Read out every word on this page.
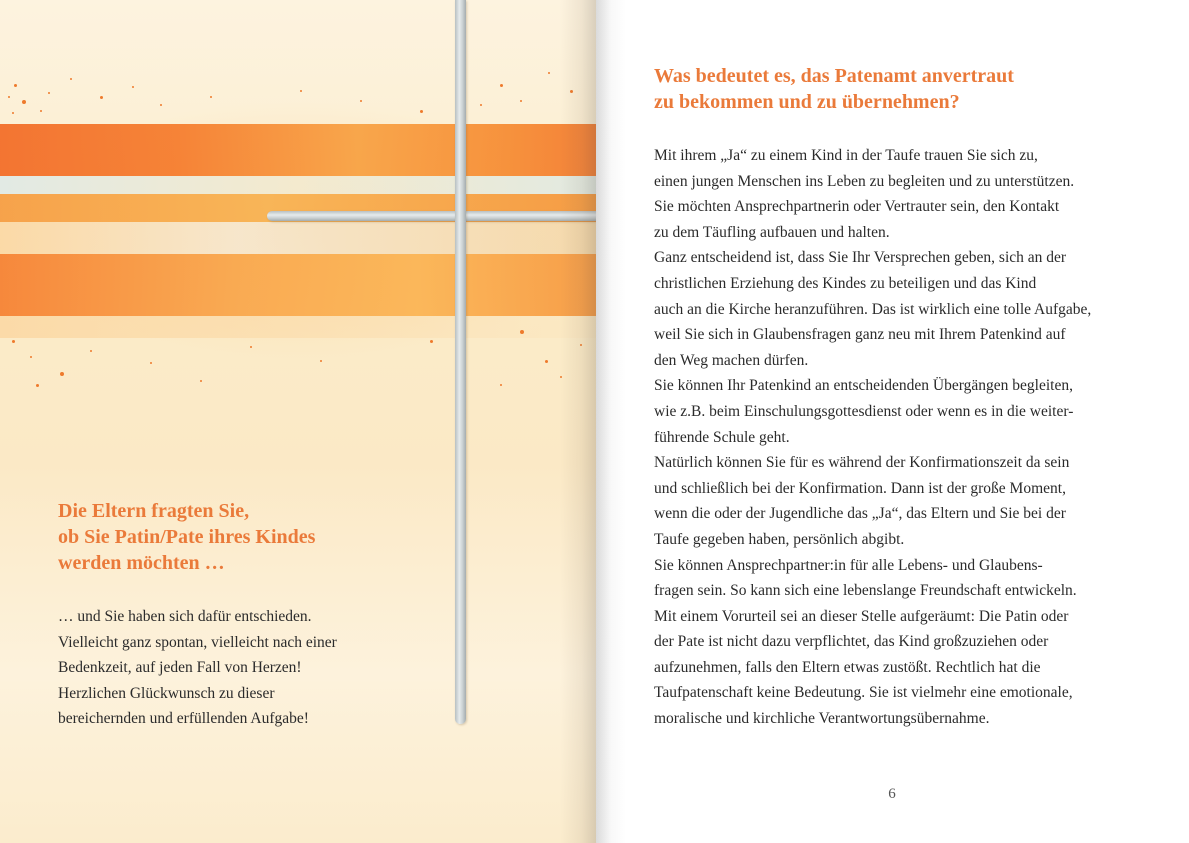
Die Eltern fragten Sie,
ob Sie Patin/Pate ihres Kindes
werden möchten …
… und Sie haben sich dafür entschieden.
Vielleicht ganz spontan, vielleicht nach einer
Bedenkzeit, auf jeden Fall von Herzen!
Herzlichen Glückwunsch zu dieser
bereichernden und erfüllenden Aufgabe!
Was bedeutet es, das Patenamt anvertraut
zu bekommen und zu übernehmen?
Mit ihrem „Ja“ zu einem Kind in der Taufe trauen Sie sich zu,
einen jungen Menschen ins Leben zu begleiten und zu unterstützen.
Sie möchten Ansprechpartnerin oder Vertrauter sein, den Kontakt
zu dem Täufling aufbauen und halten.
Ganz entscheidend ist, dass Sie Ihr Versprechen geben, sich an der
christlichen Erziehung des Kindes zu beteiligen und das Kind
auch an die Kirche heranzuführen. Das ist wirklich eine tolle Aufgabe,
weil Sie sich in Glaubensfragen ganz neu mit Ihrem Patenkind auf
den Weg machen dürfen.
Sie können Ihr Patenkind an entscheidenden Übergängen begleiten,
wie z.B. beim Einschulungsgottesdienst oder wenn es in die weiter-
führende Schule geht.
Natürlich können Sie für es während der Konfirmationszeit da sein
und schließlich bei der Konfirmation. Dann ist der große Moment,
wenn die oder der Jugendliche das „Ja“, das Eltern und Sie bei der
Taufe gegeben haben, persönlich abgibt.
Sie können Ansprechpartner:in für alle Lebens- und Glaubens-
fragen sein. So kann sich eine lebenslange Freundschaft entwickeln.
Mit einem Vorurteil sei an dieser Stelle aufgeräumt: Die Patin oder
der Pate ist nicht dazu verpflichtet, das Kind großzuziehen oder
aufzunehmen, falls den Eltern etwas zustößt. Rechtlich hat die
Taufpatenschaft keine Bedeutung. Sie ist vielmehr eine emotionale,
moralische und kirchliche Verantwortungsübernahme.
6
